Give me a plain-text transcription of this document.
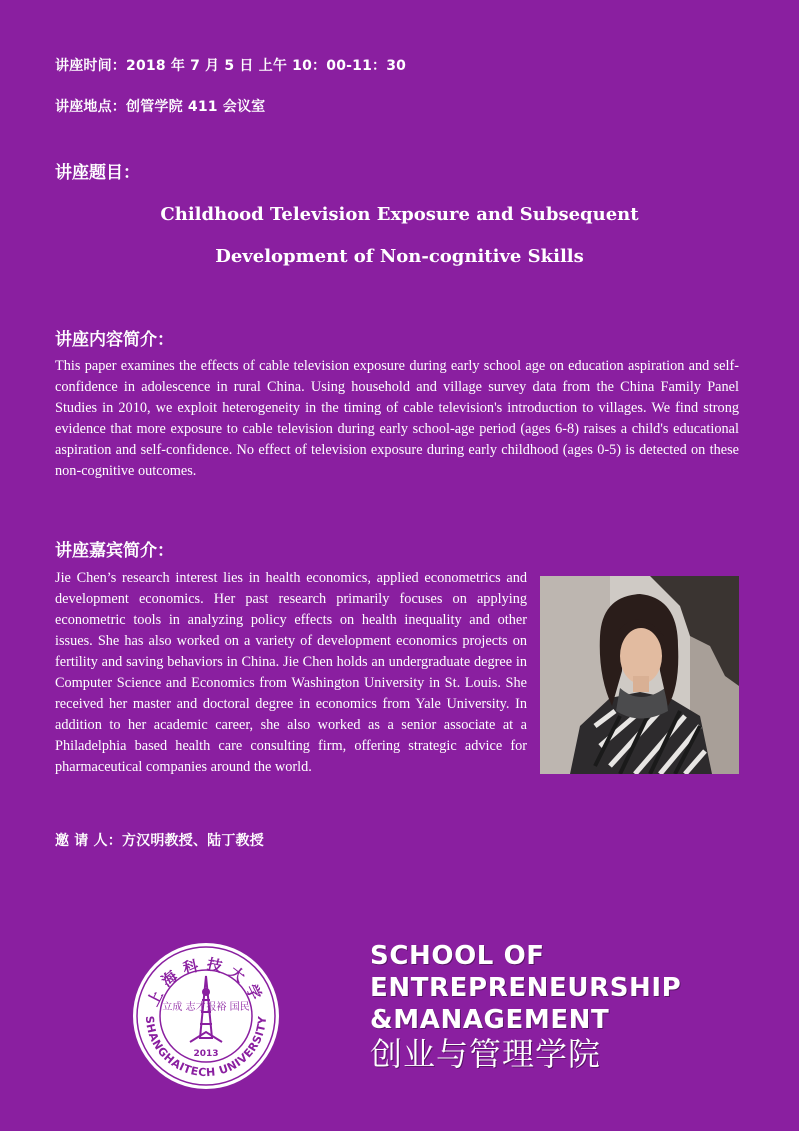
讲座时间：2018 年 7 月 5 日 上午 10：00-11：30
讲座地点：创管学院 411 会议室
讲座题目：
Childhood Television Exposure and Subsequent
Development of Non-cognitive Skills
讲座内容简介：
This paper examines the effects of cable television exposure during early school age on education aspiration and self-confidence in adolescence in rural China. Using household and village survey data from the China Family Panel Studies in 2010, we exploit heterogeneity in the timing of cable television's introduction to villages. We find strong evidence that more exposure to cable television during early school-age period (ages 6-8) raises a child's educational aspiration and self-confidence. No effect of television exposure during early childhood (ages 0-5) is detected on these non-cognitive outcomes.
讲座嘉宾简介：
Jie Chen’s research interest lies in health economics, applied econometrics and development economics. Her past research primarily focuses on applying econometric tools in analyzing policy effects on health inequality and other issues. She has also worked on a variety of development economics projects on fertility and saving behaviors in China. Jie Chen holds an undergraduate degree in Computer Science and Economics from Washington University in St. Louis. She received her master and doctoral degree in economics from Yale University. In addition to her academic career, she also worked as a senior associate at a Philadelphia based health care consulting firm, offering strategic advice for pharmaceutical companies around the world.
邀 请 人：方汉明教授、陆丁教授
上海科技大学
SHANGHAITECH UNIVERSITY
立成 志才 报裕 国民
2013
SCHOOL OF
ENTREPRENEURSHIP
&MANAGEMENT
创业与管理学院
